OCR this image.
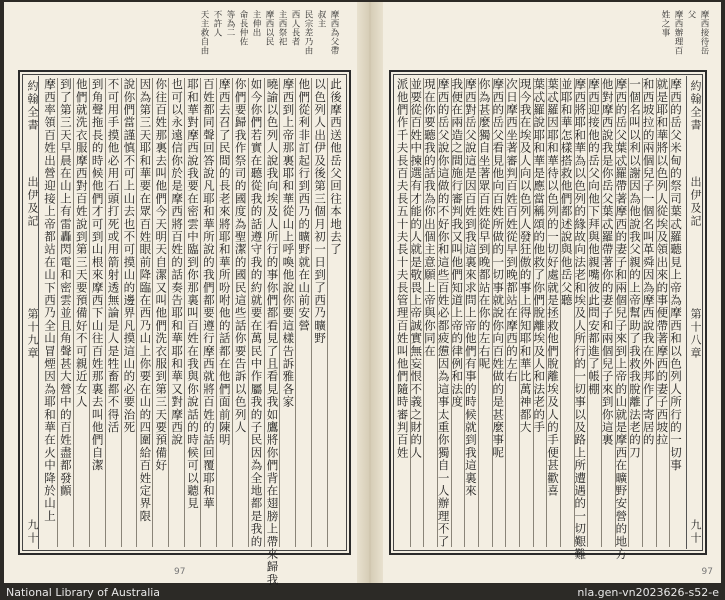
摩西為父帶
叔主
民宗差乃由
西人長者
主西祭祀
摩西以民
主伸出
命長仲佐
等為二
不許人
天主救自由
約翰全書
出伊及記
第十九章
九十
此後摩西送他岳父回往本地去了
以色列人出伊及後第三個月初一日到了西乃曠野
他們從利非訂起行到西乃的曠野就在山前安營
摩西到上帝那裏耶和華從山上呼喚他說你要這樣告訴雅各家
曉諭以色列人說我向埃及人所行的事你們都看見了且看見我如鷹將你們背在翅膀上帶來歸我
如今你們若實在聽從我的話遵守我的約就要在萬民中作屬我的子民因為全地都是我的
你們要歸我作祭司的國度為聖潔的國民這些話你要告訴以色列人
摩西去召了民間的長老來將耶和華所吩咐他的話都在他們面前陳明
百姓都同聲回答說凡耶和華所說的我們都要遵行摩西就將百姓的話回覆耶和華
耶和華對摩西說我要在密雲中臨到你那裏叫百姓在我與你說話的時候可以聽見
也可以永遠信你於是摩西將百姓的話奏告耶和華耶和華又對摩西說
你往百姓那裏去叫他們今天明天自潔又叫他們洗衣服到第三天要預備好
因為第三天耶和華要在眾百姓眼前降臨在西乃山上你要在山的四圍給百姓定界限
說你們當謹慎不可上山去也不可摸山的邊界凡摸這山的必要治死
不可用手摸他必用石頭打死或用箭射透無論是人是牲畜都不得活
到角聲拖長的時候他們才可到山根來摩西下山往百姓那裏去叫他們自潔
他們就洗衣服摩西對百姓說到第三天要預備好不可親近女人
到了第三天早晨在山上有雷轟閃電和密雲並且角聲甚大營中的百姓盡都發顫
摩西率領百姓出營迎接上帝都站在山下西乃全山冒煙因為耶和華在火中降於山上
97
摩西接待岳
父
摩西辦理百
姓之事
約翰全書
出伊及記
第十八章
九十
摩西的岳父米甸的祭司葉忒羅聽見上帝為摩西和以色列人所行的一切事
就是耶和華將以色列人從埃及領出來的事便帶著摩西的妻子西坡拉
和西坡拉的兩個兒子一個名叫革舜因為摩西說我在外邦作了寄居的
一個名叫以利以謝因為他說我父親的上帝幫助了我救我脫離法老的刀
摩西的岳父葉忒羅帶著摩西的妻子和兩個兒子來到上帝的山就是摩西在曠野安營的地方
他對摩西說我是你岳父葉忒羅帶著你的妻子和兩個兒子來到你這裏
摩西迎接他的岳父向他下拜與他親嘴彼此問安都進了帳棚
摩西將耶和華為以色列的緣故向法老和埃及人所行的一切事以及路上所遭遇的一切艱難
並耶和華怎樣搭救他們都述說與他岳父聽
葉忒羅因耶和華待以色列的一切好處就是拯救他們脫離埃及人的手便甚歡喜
葉忒羅說耶和華是應當稱頌的他救了你們脫離埃及人和法老的手
現今我在埃及人向以色列人發狂傲的事上得知耶和華比萬神都大
次日摩西坐著審判百姓百姓從早到晚都站在摩西的左右
摩西的岳父看見他向百姓所做的一切事就說你向百姓做的是甚麼事呢
你為甚麼獨自坐著眾百姓從早到晚都站在你的左右呢
摩西對岳父說這是因百姓到我這裏來求問上帝他們有事的時候就到我這裏來
我便在兩造之間施行審判我又叫他們知道上帝的律例和法度
摩西的岳父說你這做的不好你和這些百姓必都疲憊因為這事太重你獨自一人辦理不了
現在你要聽我的話我為你出個主意願上帝與你同在
並要從百姓中揀選有才能的人就是敬畏上帝誠實無妄恨不義之財的人
派他們作千夫長百夫長五十夫長十夫長管理百姓叫他們隨時審判百姓
97
National Library of Australia	nla.gen-vn2023626-s52-e
